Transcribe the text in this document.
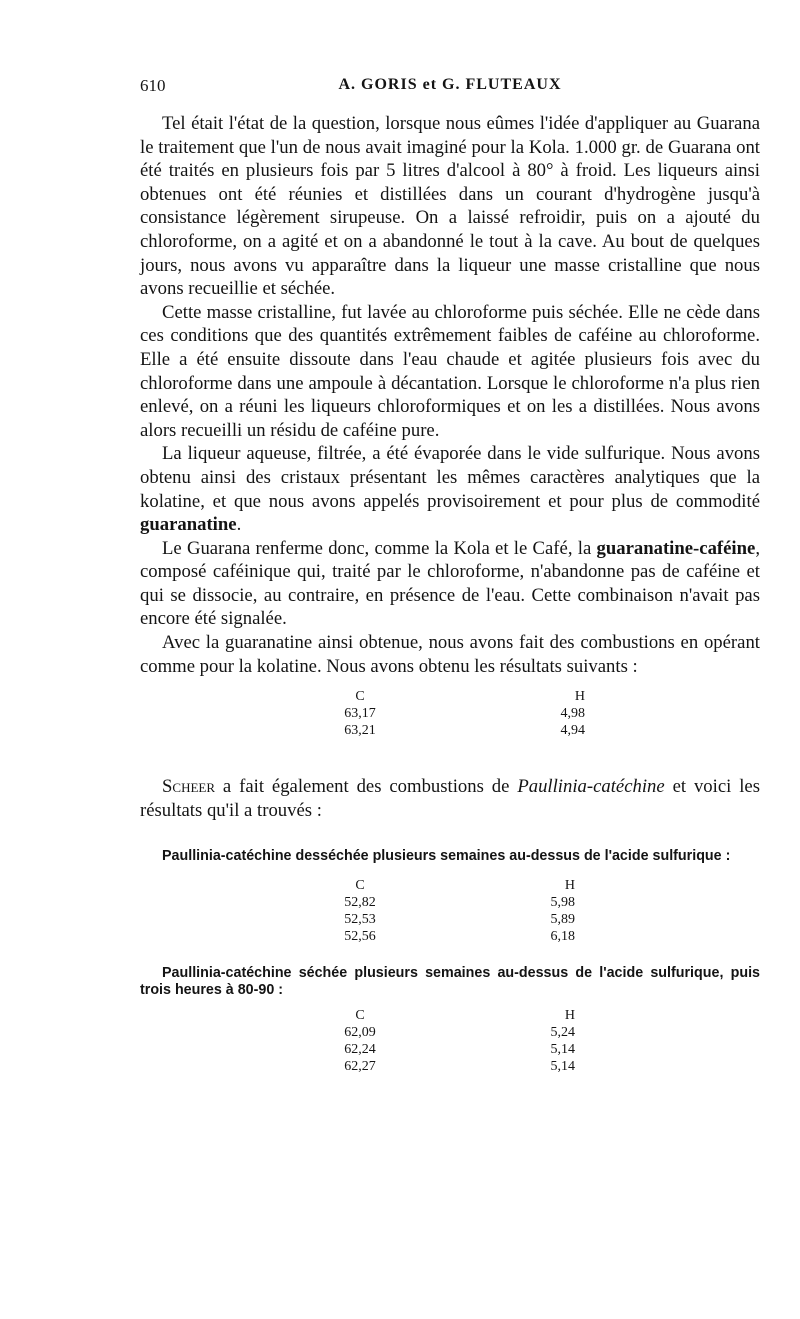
610	A. GORIS et G. FLUTEAUX

Tel était l'état de la question, lorsque nous eûmes l'idée d'appliquer au Guarana le traitement que l'un de nous avait imaginé pour la Kola. 1.000 gr. de Guarana ont été traités en plusieurs fois par 5 litres d'alcool à 80° à froid. Les liqueurs ainsi obtenues ont été réunies et distillées dans un courant d'hydrogène jusqu'à consistance légèrement sirupeuse. On a laissé refroidir, puis on a ajouté du chloroforme, on a agité et on a abandonné le tout à la cave. Au bout de quelques jours, nous avons vu apparaître dans la liqueur une masse cristalline que nous avons recueillie et séchée.

Cette masse cristalline, fut lavée au chloroforme puis séchée. Elle ne cède dans ces conditions que des quantités extrêmement faibles de caféine au chloroforme. Elle a été ensuite dissoute dans l'eau chaude et agitée plusieurs fois avec du chloroforme dans une ampoule à décantation. Lorsque le chloroforme n'a plus rien enlevé, on a réuni les liqueurs chloroformiques et on les a distillées. Nous avons alors recueilli un résidu de caféine pure.

La liqueur aqueuse, filtrée, a été évaporée dans le vide sulfurique. Nous avons obtenu ainsi des cristaux présentant les mêmes caractères analytiques que la kolatine, et que nous avons appelés provisoirement et pour plus de commodité guaranatine.

Le Guarana renferme donc, comme la Kola et le Café, la guaranatine-caféine, composé caféinique qui, traité par le chloroforme, n'abandonne pas de caféine et qui se dissocie, au contraire, en présence de l'eau. Cette combinaison n'avait pas encore été signalée.

Avec la guaranatine ainsi obtenue, nous avons fait des combustions en opérant comme pour la kolatine. Nous avons obtenu les résultats suivants :

C	H
63,17	4,98
63,21	4,94

Scheer a fait également des combustions de Paullinia-catéchine et voici les résultats qu'il a trouvés :

Paullinia-catéchine desséchée plusieurs semaines au-dessus de l'acide sulfurique :

C	H
52,82	5,98
52,53	5,89
52,56	6,18

Paullinia-catéchine séchée plusieurs semaines au-dessus de l'acide sulfurique, puis trois heures à 80-90 :

C	H
62,09	5,24
62,24	5,14
62,27	5,14
